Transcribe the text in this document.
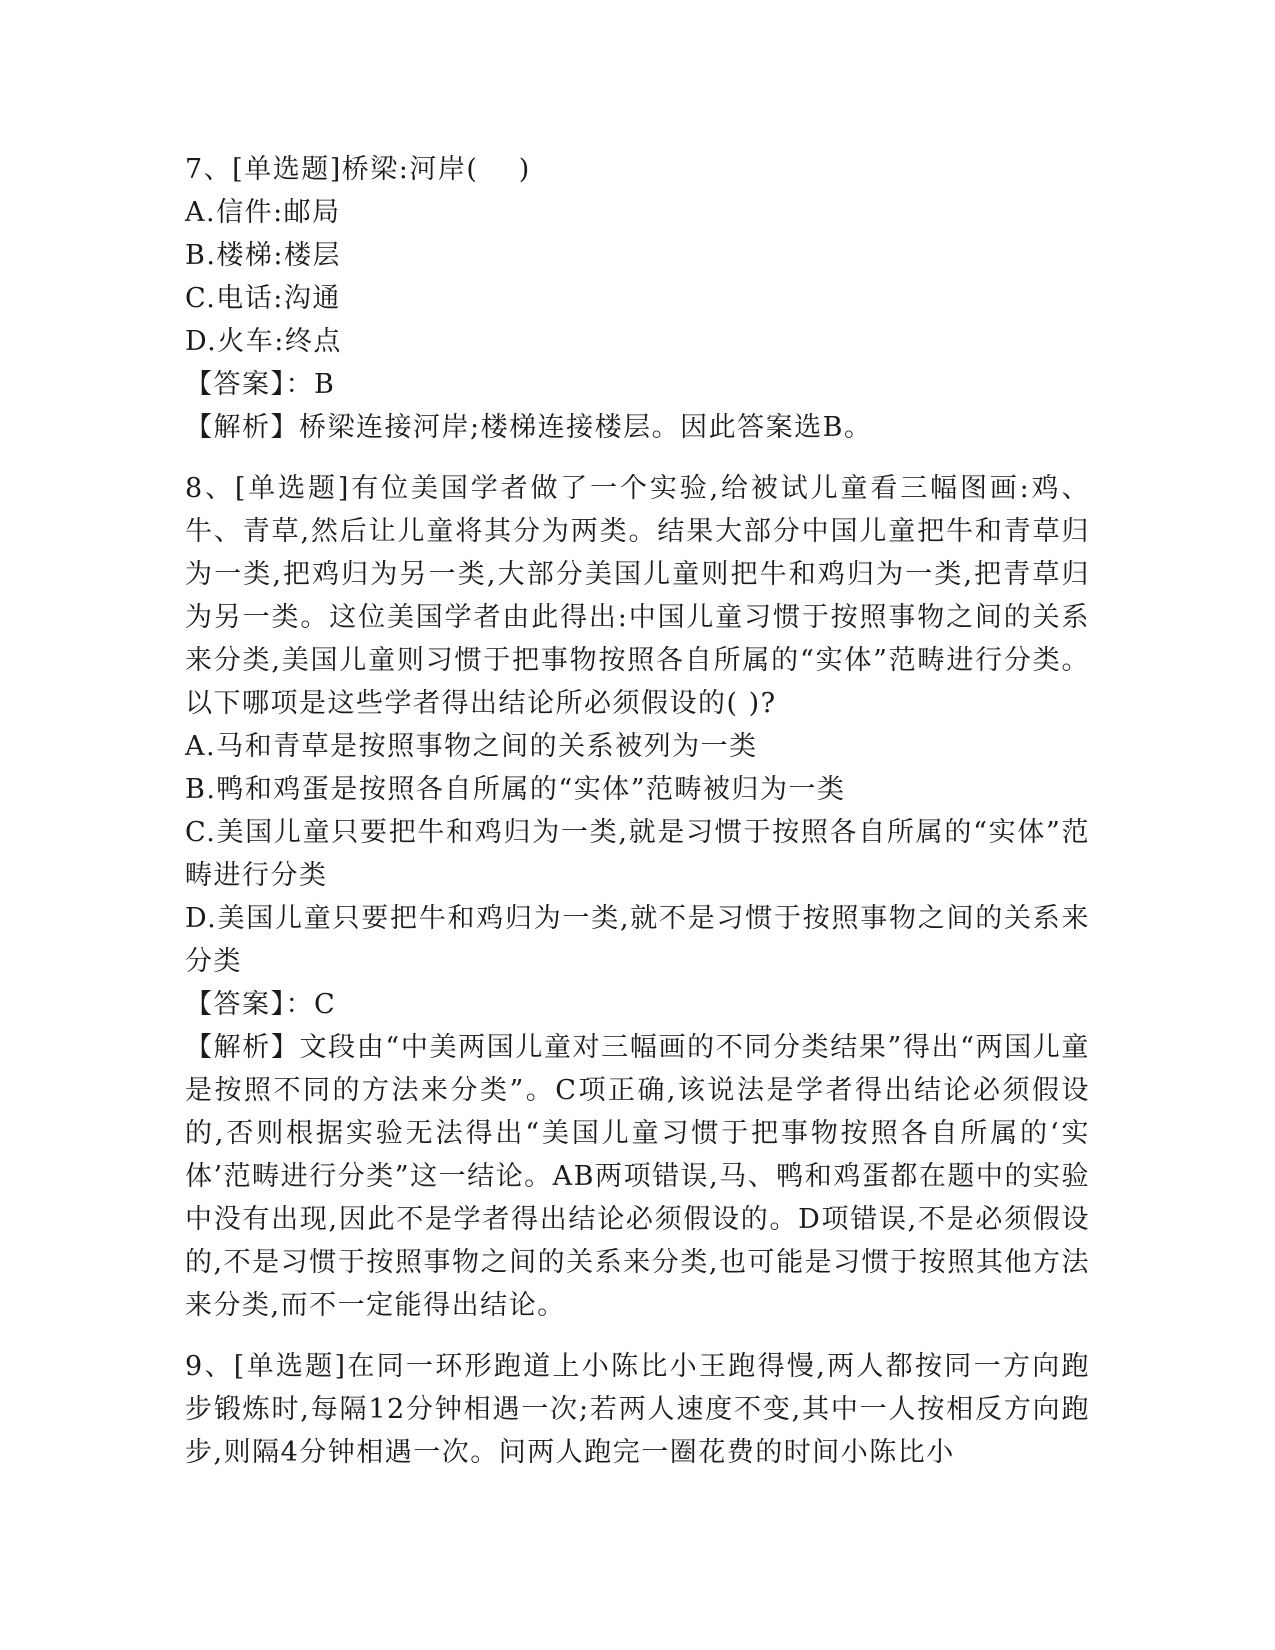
7、[单选题]桥梁:河岸(    )

A.信件:邮局

B.楼梯:楼层

C.电话:沟通

D.火车:终点

【答案】：B

【解析】桥梁连接河岸;楼梯连接楼层。因此答案选B。

8、[单选题]有位美国学者做了一个实验,给被试儿童看三幅图画:鸡、牛、青草,然后让儿童将其分为两类。结果大部分中国儿童把牛和青草归为一类,把鸡归为另一类,大部分美国儿童则把牛和鸡归为一类,把青草归为另一类。这位美国学者由此得出:中国儿童习惯于按照事物之间的关系来分类,美国儿童则习惯于把事物按照各自所属的“实体”范畴进行分类。以下哪项是这些学者得出结论所必须假设的( )?

A.马和青草是按照事物之间的关系被列为一类

B.鸭和鸡蛋是按照各自所属的“实体”范畴被归为一类

C.美国儿童只要把牛和鸡归为一类,就是习惯于按照各自所属的“实体”范畴进行分类

D.美国儿童只要把牛和鸡归为一类,就不是习惯于按照事物之间的关系来分类

【答案】：C

【解析】文段由“中美两国儿童对三幅画的不同分类结果”得出“两国儿童是按照不同的方法来分类”。C项正确,该说法是学者得出结论必须假设的,否则根据实验无法得出“美国儿童习惯于把事物按照各自所属的‘实体’范畴进行分类”这一结论。AB两项错误,马、鸭和鸡蛋都在题中的实验中没有出现,因此不是学者得出结论必须假设的。D项错误,不是必须假设的,不是习惯于按照事物之间的关系来分类,也可能是习惯于按照其他方法来分类,而不一定能得出结论。

9、[单选题]在同一环形跑道上小陈比小王跑得慢,两人都按同一方向跑步锻炼时,每隔12分钟相遇一次;若两人速度不变,其中一人按相反方向跑步,则隔4分钟相遇一次。问两人跑完一圈花费的时间小陈比小
